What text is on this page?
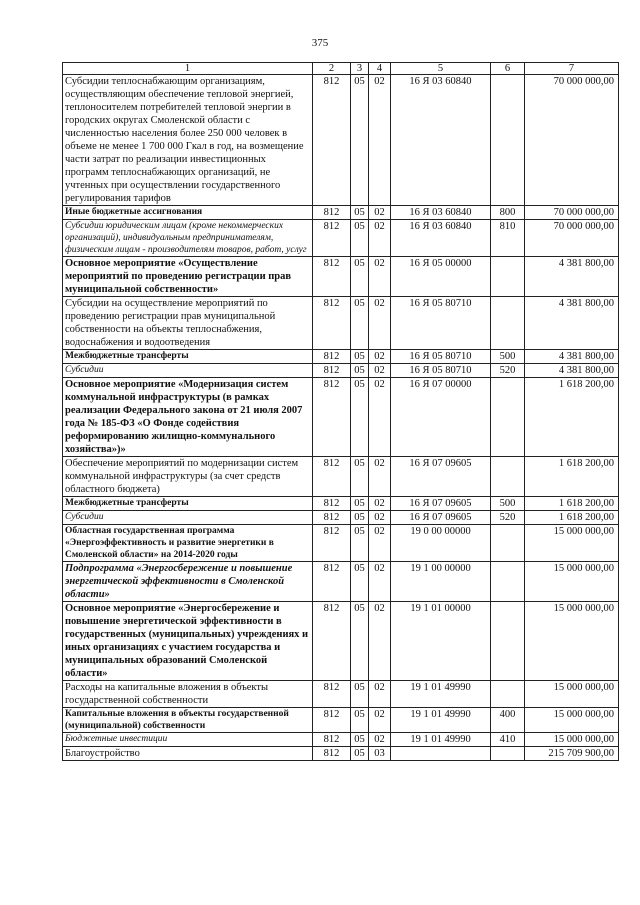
375
1	2	3	4	5	6	7
Субсидии теплоснабжающим организациям, осуществляющим обеспечение тепловой энергией, теплоносителем потребителей тепловой энергии в городских округах Смоленской области с численностью населения более 250 000 человек в объеме не менее 1 700 000 Гкал в год, на возмещение части затрат по реализации инвестиционных программ теплоснабжающих организаций, не учтенных при осуществлении государственного регулирования тарифов	812	05	02	16 Я 03 60840		70 000 000,00
Иные бюджетные ассигнования	812	05	02	16 Я 03 60840	800	70 000 000,00
Субсидии юридическим лицам (кроме некоммерческих организаций), индивидуальным предпринимателям, физическим лицам - производителям товаров, работ, услуг	812	05	02	16 Я 03 60840	810	70 000 000,00
Основное мероприятие «Осуществление мероприятий по проведению регистрации прав муниципальной собственности»	812	05	02	16 Я 05 00000		4 381 800,00
Субсидии на осуществление мероприятий по проведению регистрации прав муниципальной собственности на объекты теплоснабжения, водоснабжения и водоотведения	812	05	02	16 Я 05 80710		4 381 800,00
Межбюджетные трансферты	812	05	02	16 Я 05 80710	500	4 381 800,00
Субсидии	812	05	02	16 Я 05 80710	520	4 381 800,00
Основное мероприятие «Модернизация систем коммунальной инфраструктуры (в рамках реализации Федерального закона от 21 июля 2007 года № 185-ФЗ «О Фонде содействия реформированию жилищно-коммунального хозяйства»)»	812	05	02	16 Я 07 00000		1 618 200,00
Обеспечение мероприятий по модернизации систем коммунальной инфраструктуры (за счет средств областного бюджета)	812	05	02	16 Я 07 09605		1 618 200,00
Межбюджетные трансферты	812	05	02	16 Я 07 09605	500	1 618 200,00
Субсидии	812	05	02	16 Я 07 09605	520	1 618 200,00
Областная государственная программа «Энергоэффективность и развитие энергетики в Смоленской области» на 2014-2020 годы	812	05	02	19 0 00 00000		15 000 000,00
Подпрограмма «Энергосбережение и повышение энергетической эффективности в Смоленской области»	812	05	02	19 1 00 00000		15 000 000,00
Основное мероприятие «Энергосбережение и повышение энергетической эффективности в государственных (муниципальных) учреждениях и иных организациях с участием государства и муниципальных образований Смоленской области»	812	05	02	19 1 01 00000		15 000 000,00
Расходы на капитальные вложения в объекты государственной собственности	812	05	02	19 1 01 49990		15 000 000,00
Капитальные вложения в объекты государственной (муниципальной) собственности	812	05	02	19 1 01 49990	400	15 000 000,00
Бюджетные инвестиции	812	05	02	19 1 01 49990	410	15 000 000,00
Благоустройство	812	05	03			215 709 900,00
